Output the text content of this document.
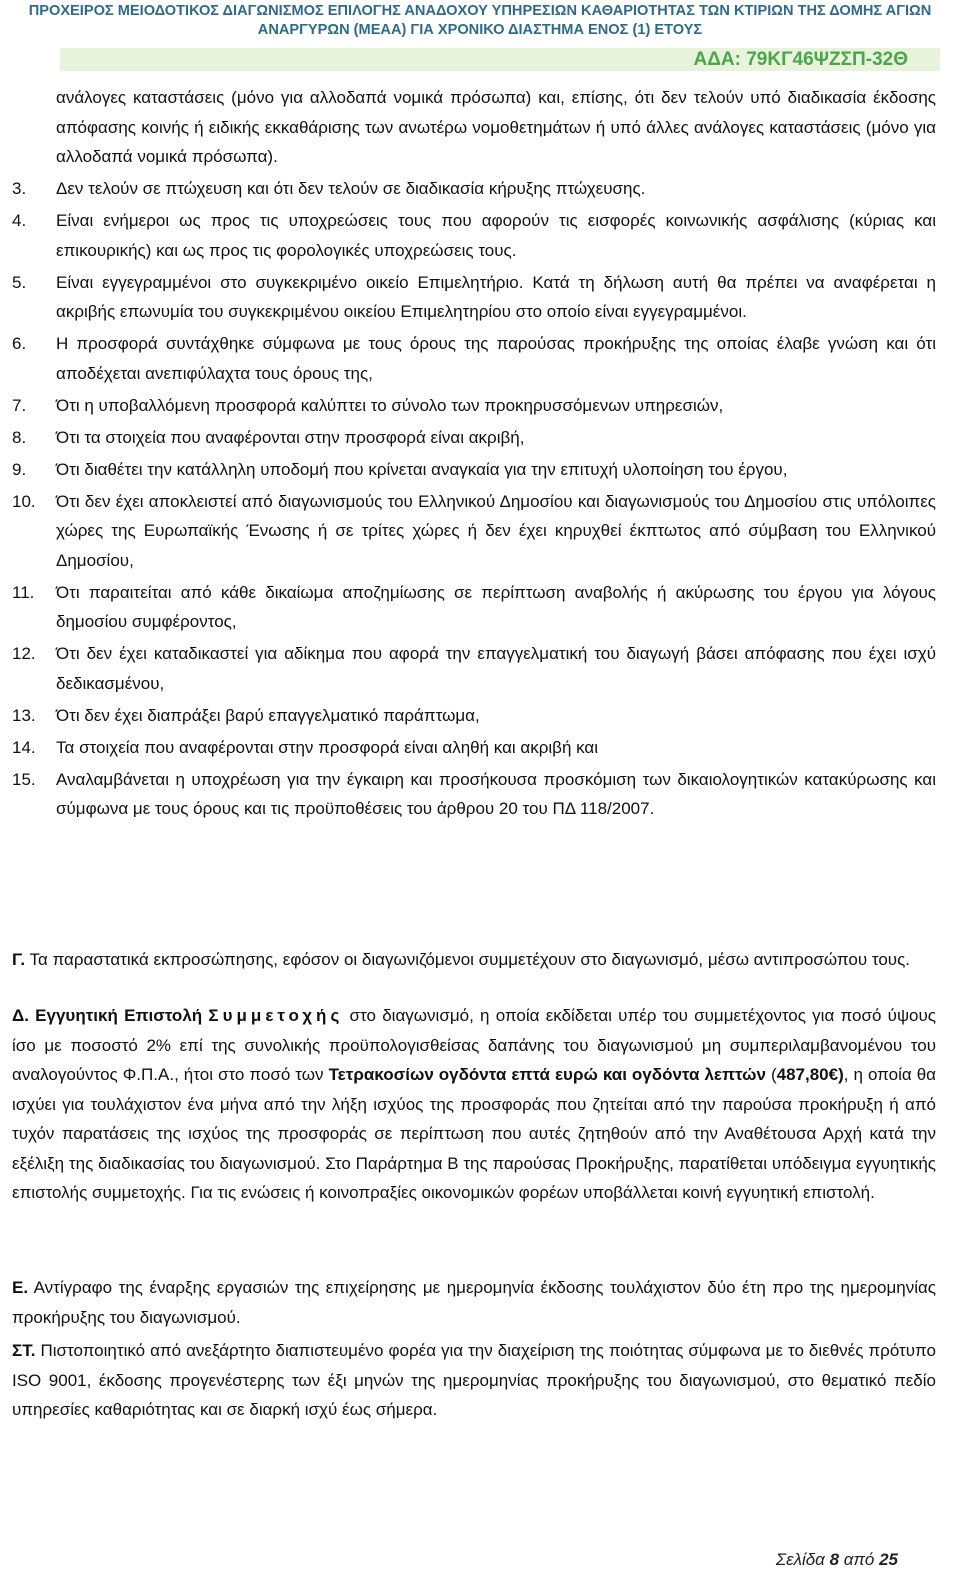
ΠΡΟΧΕΙΡΟΣ ΜΕΙΟΔΟΤΙΚΟΣ ΔΙΑΓΩΝΙΣΜΟΣ ΕΠΙΛΟΓΗΣ ΑΝΑΔΟΧΟΥ ΥΠΗΡΕΣΙΩΝ ΚΑΘΑΡΙΟΤΗΤΑΣ ΤΩΝ ΚΤΙΡΙΩΝ ΤΗΣ ΔΟΜΗΣ ΑΓΙΩΝ
ΑΝΑΡΓΥΡΩΝ (ΜΕΑΑ) ΓΙΑ ΧΡΟΝΙΚΟ ΔΙΑΣΤΗΜΑ ΕΝΟΣ (1) ΕΤΟΥΣ
ΑΔΑ: 79ΚΓ46ΨΖΣΠ-32Θ
ανάλογες καταστάσεις (μόνο για αλλοδαπά νομικά πρόσωπα) και, επίσης, ότι δεν τελούν υπό διαδικασία έκδοσης απόφασης κοινής ή ειδικής εκκαθάρισης των ανωτέρω νομοθετημάτων ή υπό άλλες ανάλογες καταστάσεις (μόνο για αλλοδαπά νομικά πρόσωπα).
3.	Δεν τελούν σε πτώχευση και ότι δεν τελούν σε διαδικασία κήρυξης πτώχευσης.
4.	Είναι ενήμεροι ως προς τις υποχρεώσεις τους που αφορούν τις εισφορές κοινωνικής ασφάλισης (κύριας και επικουρικής) και ως προς τις φορολογικές υποχρεώσεις τους.
5.	Είναι εγγεγραμμένοι στο συγκεκριμένο οικείο Επιμελητήριο. Κατά τη δήλωση αυτή θα πρέπει να αναφέρεται η ακριβής επωνυμία του συγκεκριμένου οικείου Επιμελητηρίου στο οποίο είναι εγγεγραμμένοι.
6.	Η προσφορά συντάχθηκε σύμφωνα με τους όρους της παρούσας προκήρυξης της οποίας έλαβε γνώση και ότι αποδέχεται ανεπιφύλαχτα τους όρους της,
7.	Ότι η υποβαλλόμενη προσφορά καλύπτει το σύνολο των προκηρυσσόμενων υπηρεσιών,
8.	Ότι τα στοιχεία που αναφέρονται στην προσφορά είναι ακριβή,
9.	Ότι διαθέτει την κατάλληλη υποδομή που κρίνεται αναγκαία για την επιτυχή υλοποίηση του έργου,
10.	Ότι δεν έχει αποκλειστεί από διαγωνισμούς του Ελληνικού Δημοσίου και διαγωνισμούς του Δημοσίου στις υπόλοιπες χώρες της Ευρωπαϊκής Ένωσης ή σε τρίτες χώρες ή δεν έχει κηρυχθεί έκπτωτος από σύμβαση του Ελληνικού Δημοσίου,
11.	Ότι παραιτείται από κάθε δικαίωμα αποζημίωσης σε περίπτωση αναβολής ή ακύρωσης του έργου για λόγους δημοσίου συμφέροντος,
12.	Ότι δεν έχει καταδικαστεί για αδίκημα που αφορά την επαγγελματική του διαγωγή βάσει απόφασης που έχει ισχύ δεδικασμένου,
13.	Ότι δεν έχει διαπράξει βαρύ επαγγελματικό παράπτωμα,
14.	Τα στοιχεία που αναφέρονται στην προσφορά είναι αληθή και ακριβή και
15.	Αναλαμβάνεται η υποχρέωση για την έγκαιρη και προσήκουσα προσκόμιση των δικαιολογητικών κατακύρωσης και σύμφωνα με τους όρους και τις προϋποθέσεις του άρθρου 20 του ΠΔ 118/2007.
Γ. Τα παραστατικά εκπροσώπησης, εφόσον οι διαγωνιζόμενοι συμμετέχουν στο διαγωνισμό, μέσω αντιπροσώπου τους.
Δ. Εγγυητική Επιστολή Συμμετοχής στο διαγωνισμό, η οποία εκδίδεται υπέρ του συμμετέχοντος για ποσό ύψους ίσο με ποσοστό 2% επί της συνολικής προϋπολογισθείσας δαπάνης του διαγωνισμού μη συμπεριλαμβανομένου του αναλογούντος Φ.Π.Α., ήτοι στο ποσό των Τετρακοσίων ογδόντα επτά ευρώ και ογδόντα λεπτών (487,80€), η οποία θα ισχύει για τουλάχιστον ένα μήνα από την λήξη ισχύος της προσφοράς που ζητείται από την παρούσα προκήρυξη ή από τυχόν παρατάσεις της ισχύος της προσφοράς σε περίπτωση που αυτές ζητηθούν από την Αναθέτουσα Αρχή κατά την εξέλιξη της διαδικασίας του διαγωνισμού. Στο Παράρτημα Β της παρούσας Προκήρυξης, παρατίθεται υπόδειγμα εγγυητικής επιστολής συμμετοχής. Για τις ενώσεις ή κοινοπραξίες οικονομικών φορέων υποβάλλεται κοινή εγγυητική επιστολή.
Ε. Αντίγραφο της έναρξης εργασιών της επιχείρησης με ημερομηνία έκδοσης τουλάχιστον δύο έτη προ της ημερομηνίας προκήρυξης του διαγωνισμού.
ΣΤ. Πιστοποιητικό από ανεξάρτητο διαπιστευμένο φορέα για την διαχείριση της ποιότητας σύμφωνα με το διεθνές πρότυπο ISO 9001, έκδοσης προγενέστερης των έξι μηνών της ημερομηνίας προκήρυξης του διαγωνισμού, στο θεματικό πεδίο υπηρεσίες καθαριότητας και σε διαρκή ισχύ έως σήμερα.
Σελίδα 8 από 25
